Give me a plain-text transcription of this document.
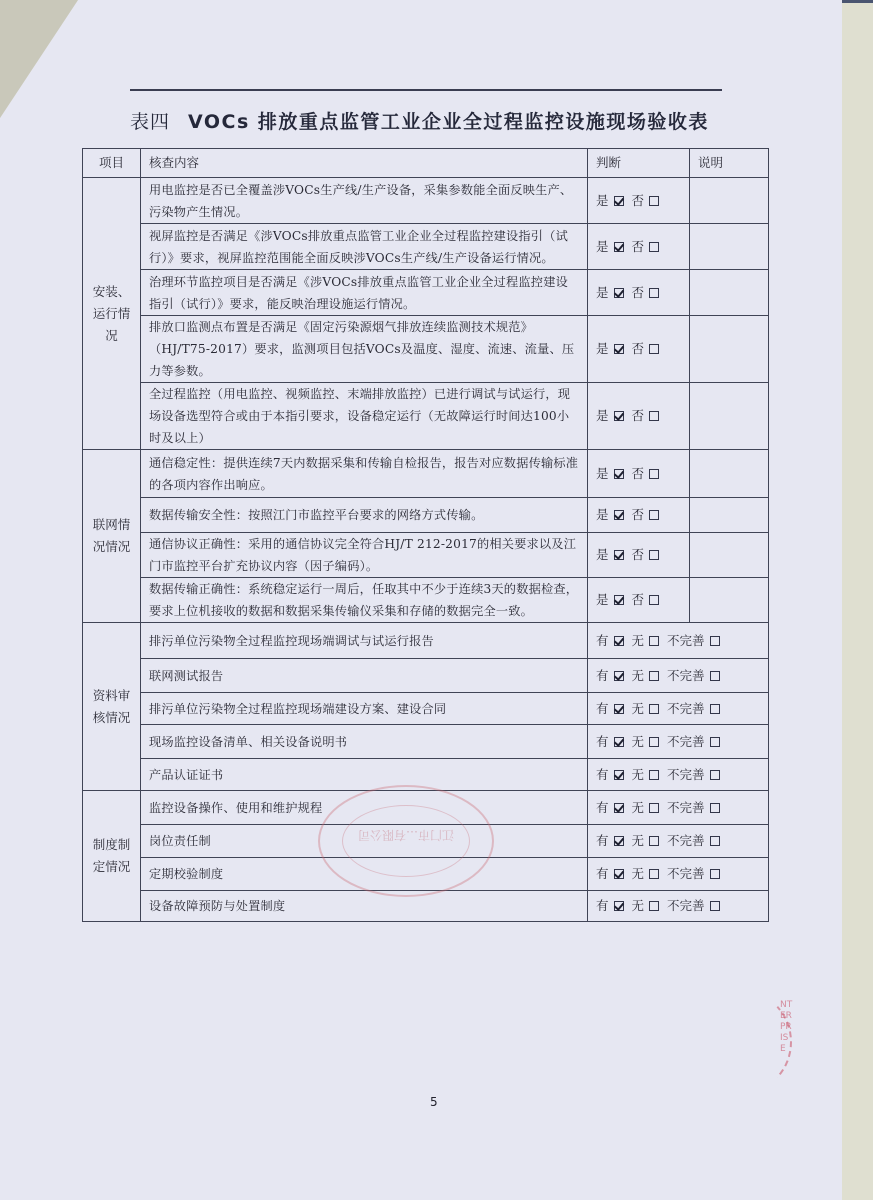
表四 VOCs 排放重点监管工业企业全过程监控设施现场验收表
项目	核查内容	判断	说明

安装、
运行情
况	用电监控是否已全覆盖涉VOCs生产线/生产设备，采集参数能全面反映生产、污染物产生情况。	是 否	
	视屏监控是否满足《涉VOCs排放重点监管工业企业全过程监控建设指引（试行）》要求，视屏监控范围能全面反映涉VOCs生产线/生产设备运行情况。	是 否	
	治理环节监控项目是否满足《涉VOCs排放重点监管工业企业全过程监控建设指引（试行）》要求，能反映治理设施运行情况。	是 否	
	排放口监测点布置是否满足《固定污染源烟气排放连续监测技术规范》（HJ/T75-2017）要求，监测项目包括VOCs及温度、湿度、流速、流量、压力等参数。	是 否	
	全过程监控（用电监控、视频监控、末端排放监控）已进行调试与试运行，现场设备选型符合或由于本指引要求，设备稳定运行（无故障运行时间达100小时及以上）	是 否	

联网情
况情况	通信稳定性：提供连续7天内数据采集和传输自检报告，报告对应数据传输标准的各项内容作出响应。	是 否	
	数据传输安全性：按照江门市监控平台要求的网络方式传输。	是 否	
	通信协议正确性：采用的通信协议完全符合HJ/T 212-2017的相关要求以及江门市监控平台扩充协议内容（因子编码）。	是 否	
	数据传输正确性：系统稳定运行一周后，任取其中不少于连续3天的数据检查，要求上位机接收的数据和数据采集传输仪采集和存储的数据完全一致。	是 否	

资料审
核情况	排污单位污染物全过程监控现场端调试与试运行报告	有 无 不完善	
	联网测试报告	有 无 不完善	
	排污单位污染物全过程监控现场端建设方案、建设合同	有 无 不完善	
	现场监控设备清单、相关设备说明书	有 无 不完善	
	产品认证证书	有 无 不完善	

制度制
定情况	监控设备操作、使用和维护规程	有 无 不完善	
	岗位责任制	有 无 不完善	
	定期校验制度	有 无 不完善	
	设备故障预防与处置制度	有 无 不完善	
江门市…有限公司
NTERPRISE
5
